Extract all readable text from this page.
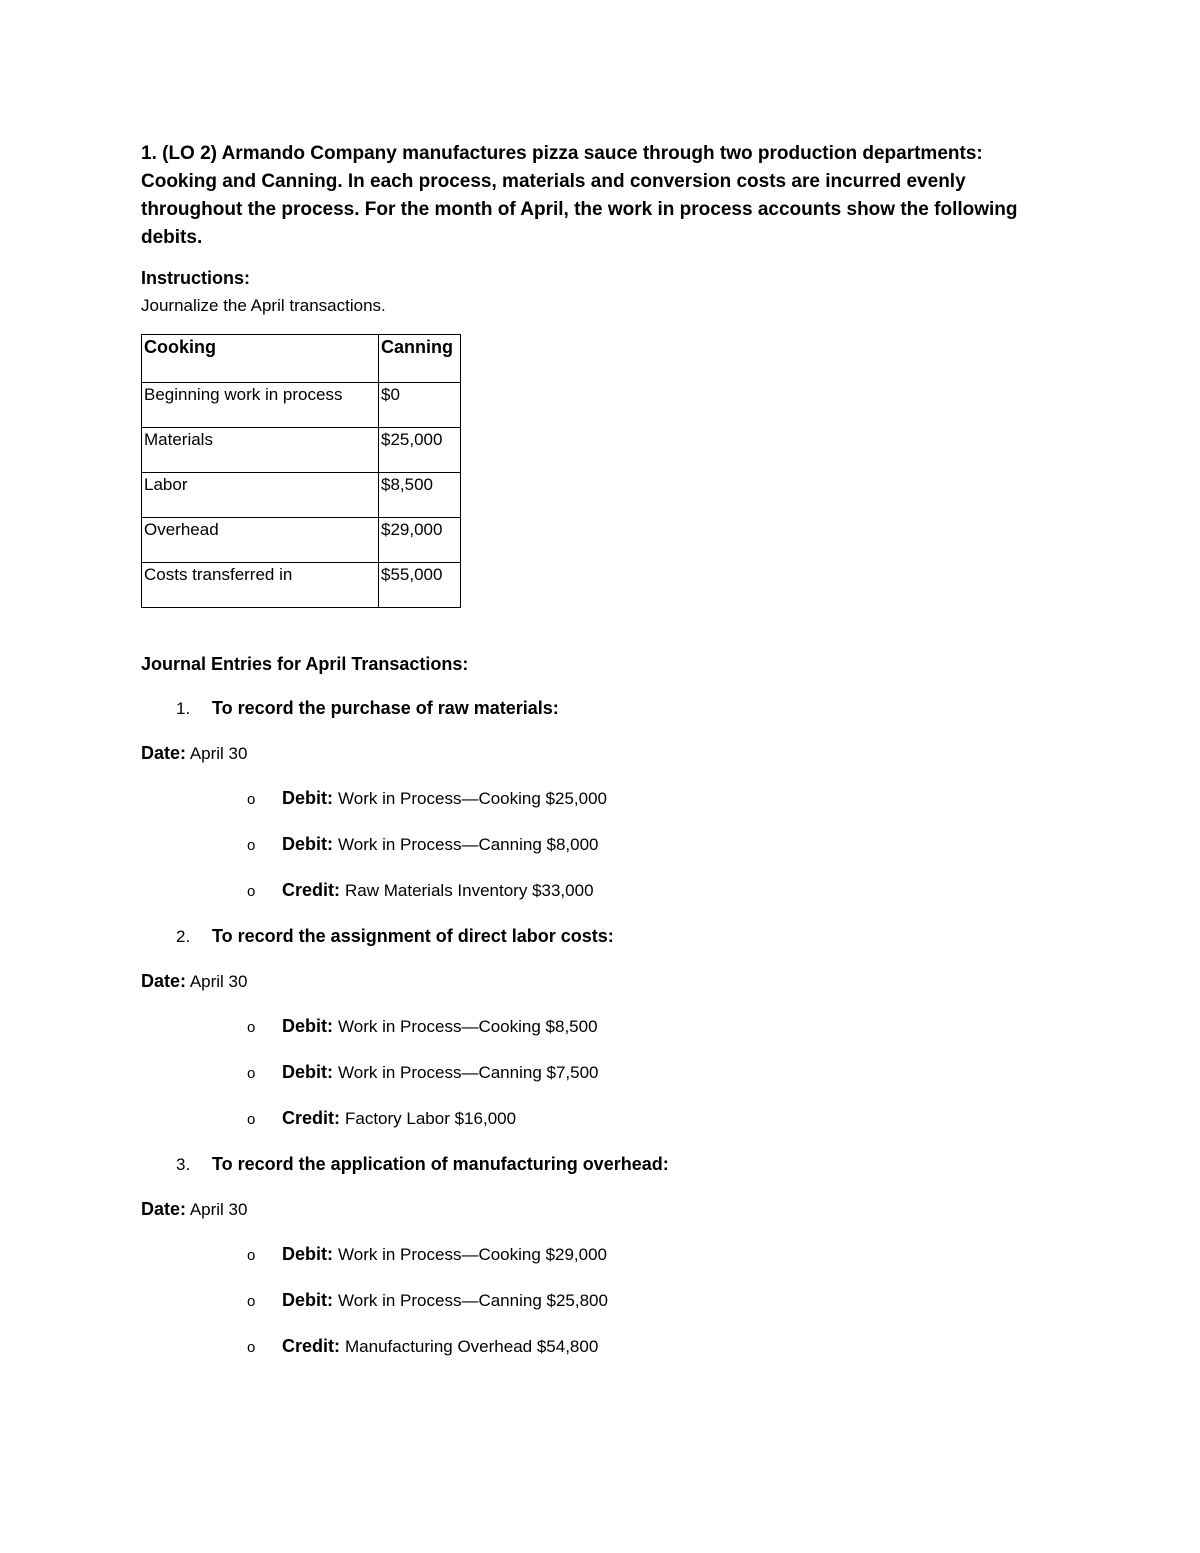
1. (LO 2) Armando Company manufactures pizza sauce through two production departments: Cooking and Canning. In each process, materials and conversion costs are incurred evenly throughout the process. For the month of April, the work in process accounts show the following debits.

Instructions:
Journalize the April transactions.
Cooking	Canning
Beginning work in process	$0
Materials	$25,000
Labor	$8,500
Overhead	$29,000
Costs transferred in	$55,000
Journal Entries for April Transactions:
1.	To record the purchase of raw materials:
Date: April 30
o	Debit: Work in Process—Cooking $25,000
o	Debit: Work in Process—Canning $8,000
o	Credit: Raw Materials Inventory $33,000
2.	To record the assignment of direct labor costs:
Date: April 30
o	Debit: Work in Process—Cooking $8,500
o	Debit: Work in Process—Canning $7,500
o	Credit: Factory Labor $16,000
3.	To record the application of manufacturing overhead:
Date: April 30
o	Debit: Work in Process—Cooking $29,000
o	Debit: Work in Process—Canning $25,800
o	Credit: Manufacturing Overhead $54,800
